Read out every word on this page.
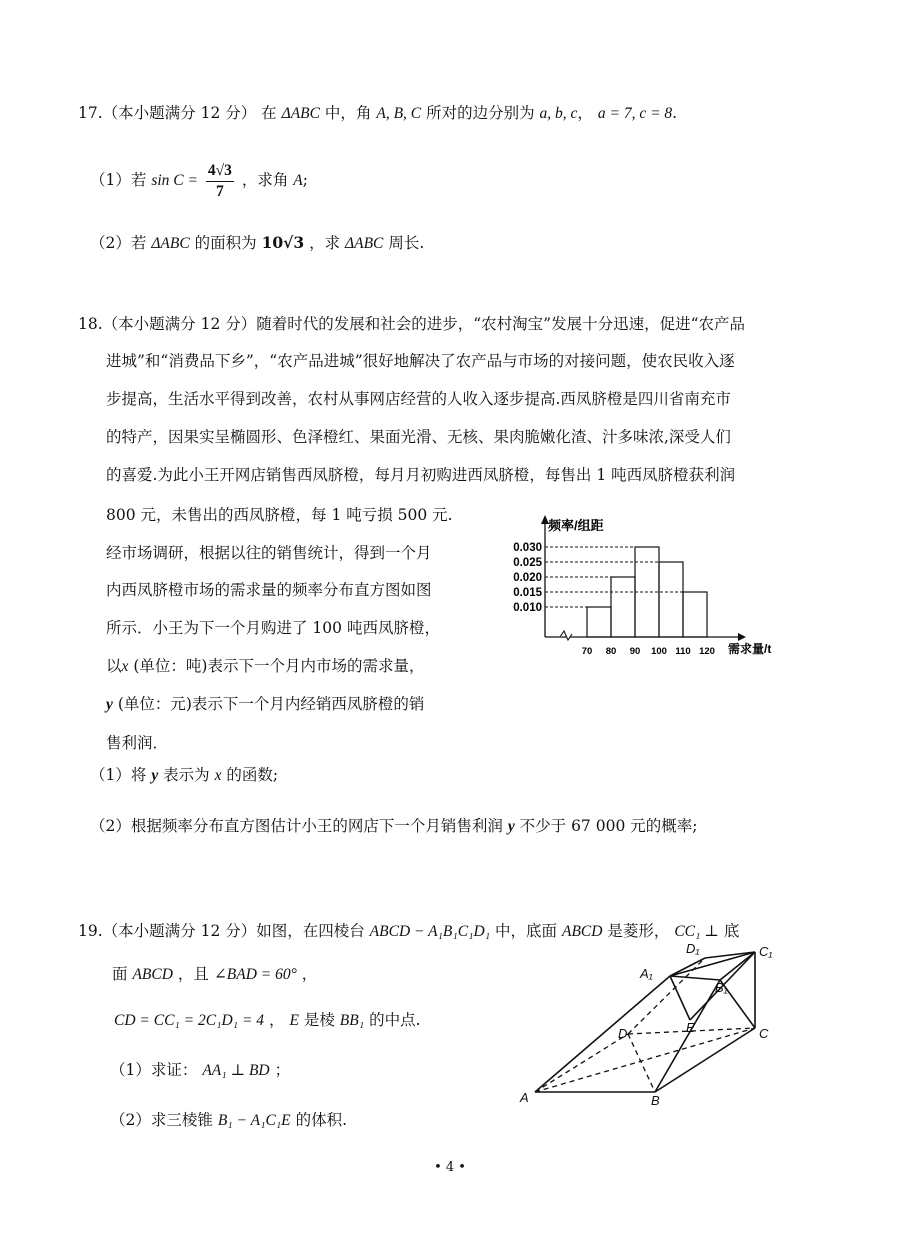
17.（本小题满分 12 分） 在 ΔABC 中，角 A, B, C 所对的边分别为 a, b, c， a = 7, c = 8.
（1）若 $\sin C = \frac{4√3}{7}$ ，求角 A;
（2）若 ΔABC 的面积为 10√3 ，求 ΔABC 周长.
18.（本小题满分 12 分）随着时代的发展和社会的进步，“农村淘宝”发展十分迅速，促进“农产品
进城”和“消费品下乡”，“农产品进城”很好地解决了农产品与市场的对接问题，使农民收入逐
步提高，生活水平得到改善，农村从事网店经营的人收入逐步提高.西凤脐橙是四川省南充市
的特产，因果实呈椭圆形、色泽橙红、果面光滑、无核、果肉脆嫩化渣、汁多味浓,深受人们
的喜爱.为此小王开网店销售西凤脐橙，每月月初购进西凤脐橙，每售出 1 吨西凤脐橙获利润
800 元，未售出的西凤脐橙，每 1 吨亏损 500 元.
经市场调研，根据以往的销售统计，得到一个月
内西凤脐橙市场的需求量的频率分布直方图如图
所示．小王为下一个月购进了 100 吨西凤脐橙，
以x (单位：吨)表示下一个月内市场的需求量，
y (单位：元)表示下一个月内经销西凤脐橙的销
售利润．
（1）将 y 表示为 x 的函数;
（2）根据频率分布直方图估计小王的网店下一个月销售利润 y 不少于 67 000 元的概率;
频率/组距
需求量/t
0.030
0.025
0.020
0.015
0.010
70 80 90 100 110 120
19.（本小题满分 12 分）如图，在四棱台 ABCD − A₁B₁C₁D₁ 中，底面 ABCD 是菱形， CC₁ ⊥ 底
面 ABCD ，且 ∠BAD = 60° ，
CD = CC₁ = 2C₁D₁ = 4 ， E 是棱 BB₁ 的中点.
（1）求证： AA₁ ⊥ BD ；
（2）求三棱锥 B₁ − A₁C₁E 的体积.
A	B
C
D	E
A₁
B₁
C₁
D₁
• 4 •
